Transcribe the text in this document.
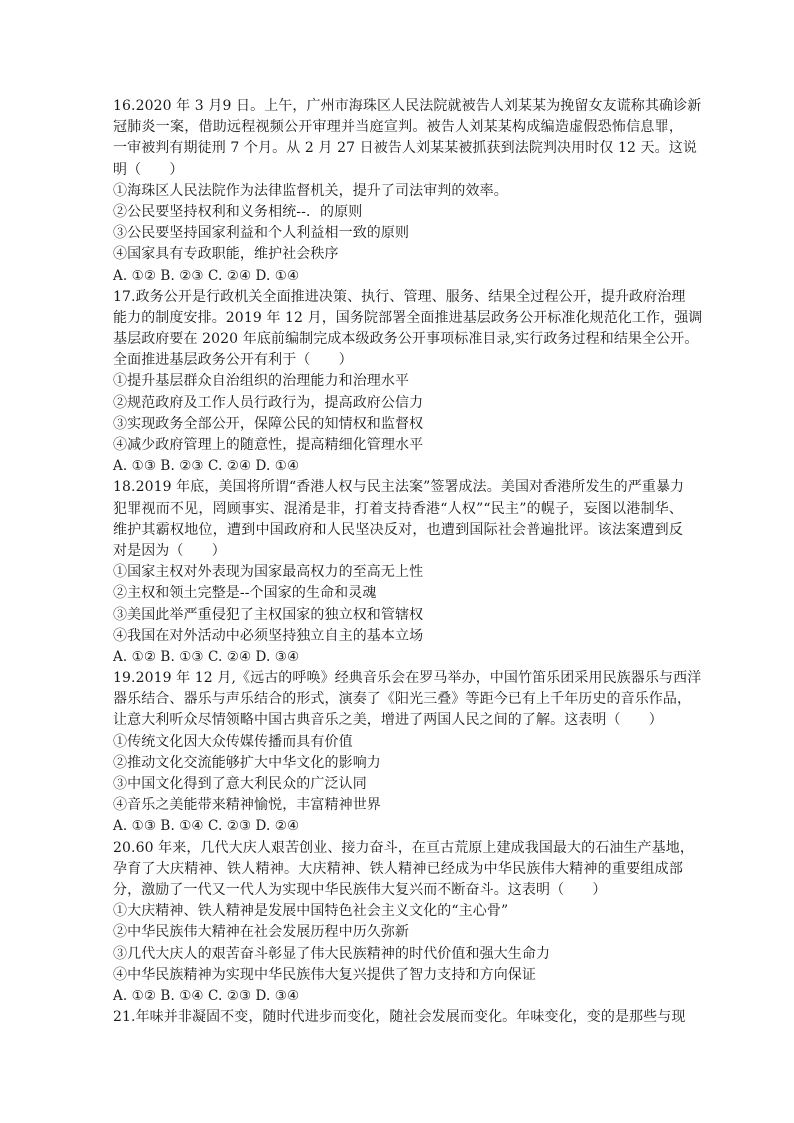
16.2020 年 3 月9 日。上午，广州市海珠区人民法院就被告人刘某某为挽留女友谎称其确诊新
冠肺炎一案，借助远程视频公开审理并当庭宣判。被告人刘某某构成编造虚假恐怖信息罪，
一审被判有期徒刑 7 个月。从 2 月 27 日被告人刘某某被抓获到法院判决用时仅 12 天。这说
明（　　）
①海珠区人民法院作为法律监督机关，提升了司法审判的效率。
②公民要坚持权利和义务相统--．的原则
③公民要坚持国家利益和个人利益相一致的原则
④国家具有专政职能，维护社会秩序
A. ①② B. ②③ C. ②④ D. ①④
17.政务公开是行政机关全面推进决策、执行、管理、服务、结果全过程公开，提升政府治理
能力的制度安排。2019 年 12 月，国务院部署全面推进基层政务公开标准化规范化工作，强调
基层政府要在 2020 年底前编制完成本级政务公开事项标准目录,实行政务过程和结果全公开。
全面推进基层政务公开有利于（　　）
①提升基层群众自治组织的治理能力和治理水平
②规范政府及工作人员行政行为，提高政府公信力
③实现政务全部公开，保障公民的知情权和监督权
④减少政府管理上的随意性，提高精细化管理水平
A. ①③ B. ②③ C. ②④ D. ①④
18.2019 年底，美国将所谓“香港人权与民主法案”签署成法。美国对香港所发生的严重暴力
犯罪视而不见，罔顾事实、混淆是非，打着支持香港“人权”“民主”的幌子，妄图以港制华、
维护其霸权地位，遭到中国政府和人民坚决反对，也遭到国际社会普遍批评。该法案遭到反
对是因为（　　）
①国家主权对外表现为国家最高权力的至高无上性
②主权和领土完整是--个国家的生命和灵魂
③美国此举严重侵犯了主权国家的独立权和管辖权
④我国在对外活动中必须坚持独立自主的基本立场
A. ①② B. ①③ C. ②④ D. ③④
19.2019 年 12 月,《远古的呼唤》经典音乐会在罗马举办，中国竹笛乐团采用民族器乐与西洋
器乐结合、器乐与声乐结合的形式，演奏了《阳光三叠》等距今已有上千年历史的音乐作品，
让意大利听众尽情领略中国古典音乐之美，增进了两国人民之间的了解。这表明（　　）
①传统文化因大众传媒传播而具有价值
②推动文化交流能够扩大中华文化的影响力
③中国文化得到了意大利民众的广泛认同
④音乐之美能带来精神愉悦，丰富精神世界
A. ①③ B. ①④ C. ②③ D. ②④
20.60 年来，几代大庆人艰苦创业、接力奋斗，在亘古荒原上建成我国最大的石油生产基地，
孕育了大庆精神、铁人精神。大庆精神、铁人精神已经成为中华民族伟大精神的重要组成部
分，激励了一代又一代人为实现中华民族伟大复兴而不断奋斗。这表明（　　）
①大庆精神、铁人精神是发展中国特色社会主义文化的“主心骨”
②中华民族伟大精神在社会发展历程中历久弥新
③几代大庆人的艰苦奋斗彰显了伟大民族精神的时代价值和强大生命力
④中华民族精神为实现中华民族伟大复兴提供了智力支持和方向保证
A. ①② B. ①④ C. ②③ D. ③④
21.年味并非凝固不变，随时代进步而变化，随社会发展而变化。年味变化，变的是那些与现
